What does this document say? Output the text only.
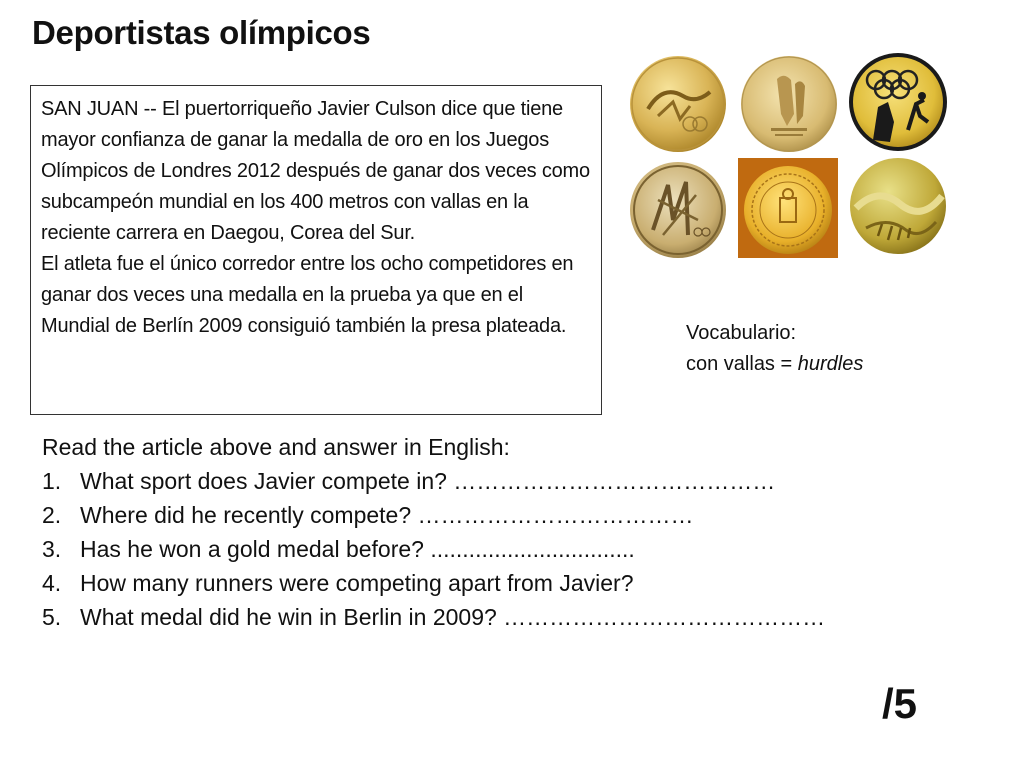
Deportistas olímpicos

SAN JUAN -- El puertorriqueño Javier Culson dice que tiene mayor confianza de ganar la medalla de oro en los Juegos Olímpicos de Londres 2012 después de ganar dos veces como subcampeón mundial en los 400 metros con vallas en la reciente carrera en Daegou, Corea del Sur.

El atleta fue el único corredor entre los ocho competidores en ganar dos veces una medalla en la prueba ya que en el Mundial de Berlín 2009 consiguió también la presa plateada.	Vocabulario:
con vallas = hurdles
Read the article above and answer in English:
1. What sport does Javier compete in? ……………………………………
2. Where did he recently compete? ………………………………
3. Has he won a gold medal before? ................................
4. How many runners were competing apart from Javier?
5. What medal did he win in Berlin in 2009? ……………………………………
/5
